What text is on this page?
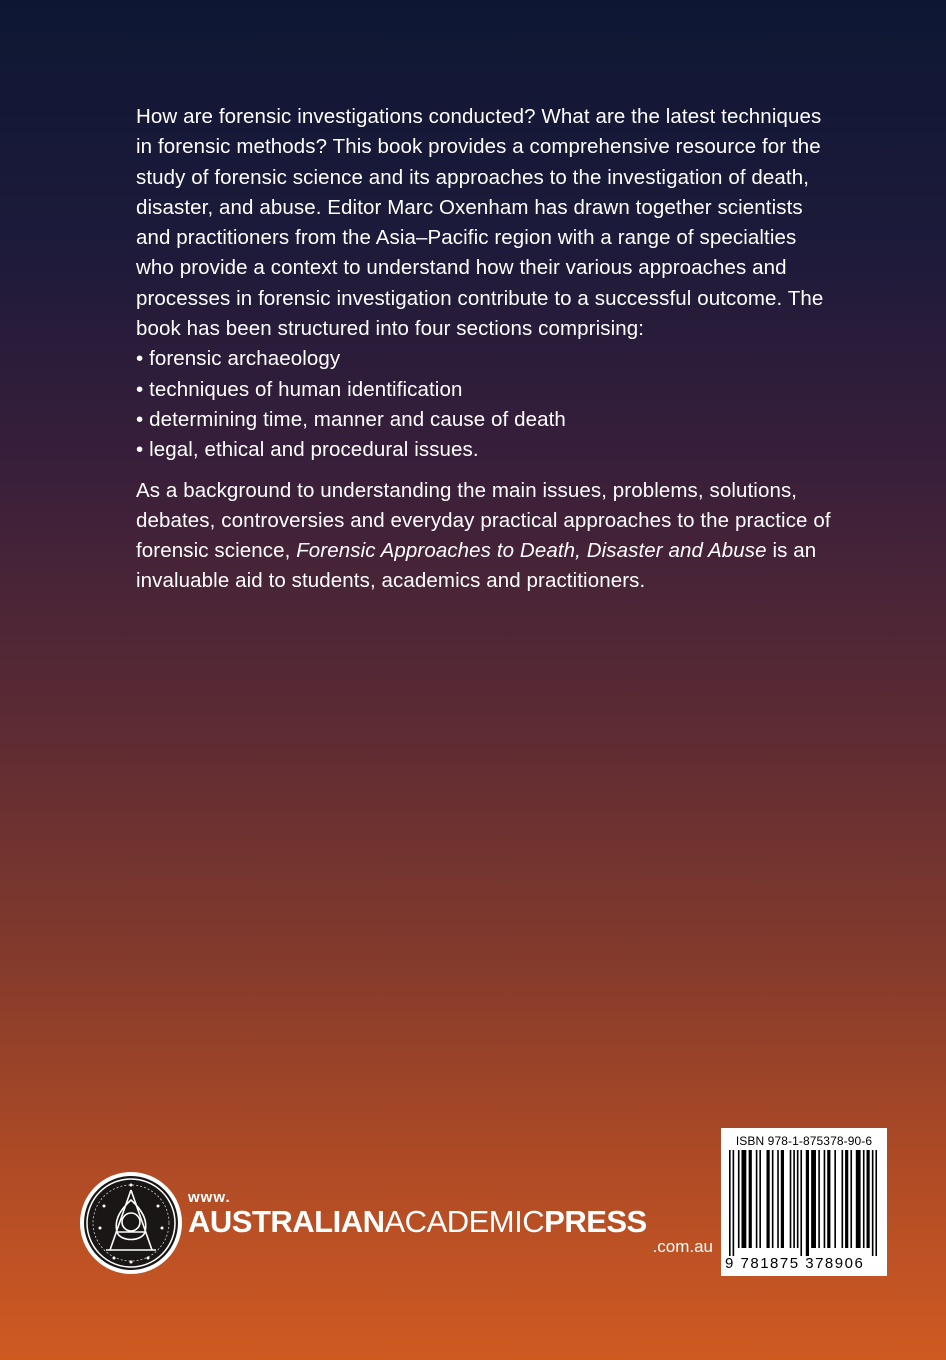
How are forensic investigations conducted? What are the latest techniques in forensic methods? This book provides a comprehensive resource for the study of forensic science and its approaches to the investigation of death, disaster, and abuse. Editor Marc Oxenham has drawn together scientists and practitioners from the Asia–Pacific region with a range of specialties who provide a context to understand how their various approaches and processes in forensic investigation contribute to a successful outcome. The book has been structured into four sections comprising:

• forensic archaeology
• techniques of human identification
• determining time, manner and cause of death
• legal, ethical and procedural issues.

As a background to understanding the main issues, problems, solutions, debates, controversies and everyday practical approaches to the practice of forensic science, Forensic Approaches to Death, Disaster and Abuse is an invaluable aid to students, academics and practitioners.

www.
AUSTRALIANACADEMICPRESS
.com.au
ISBN 978-1-875378-90-6
9 781875 378906
